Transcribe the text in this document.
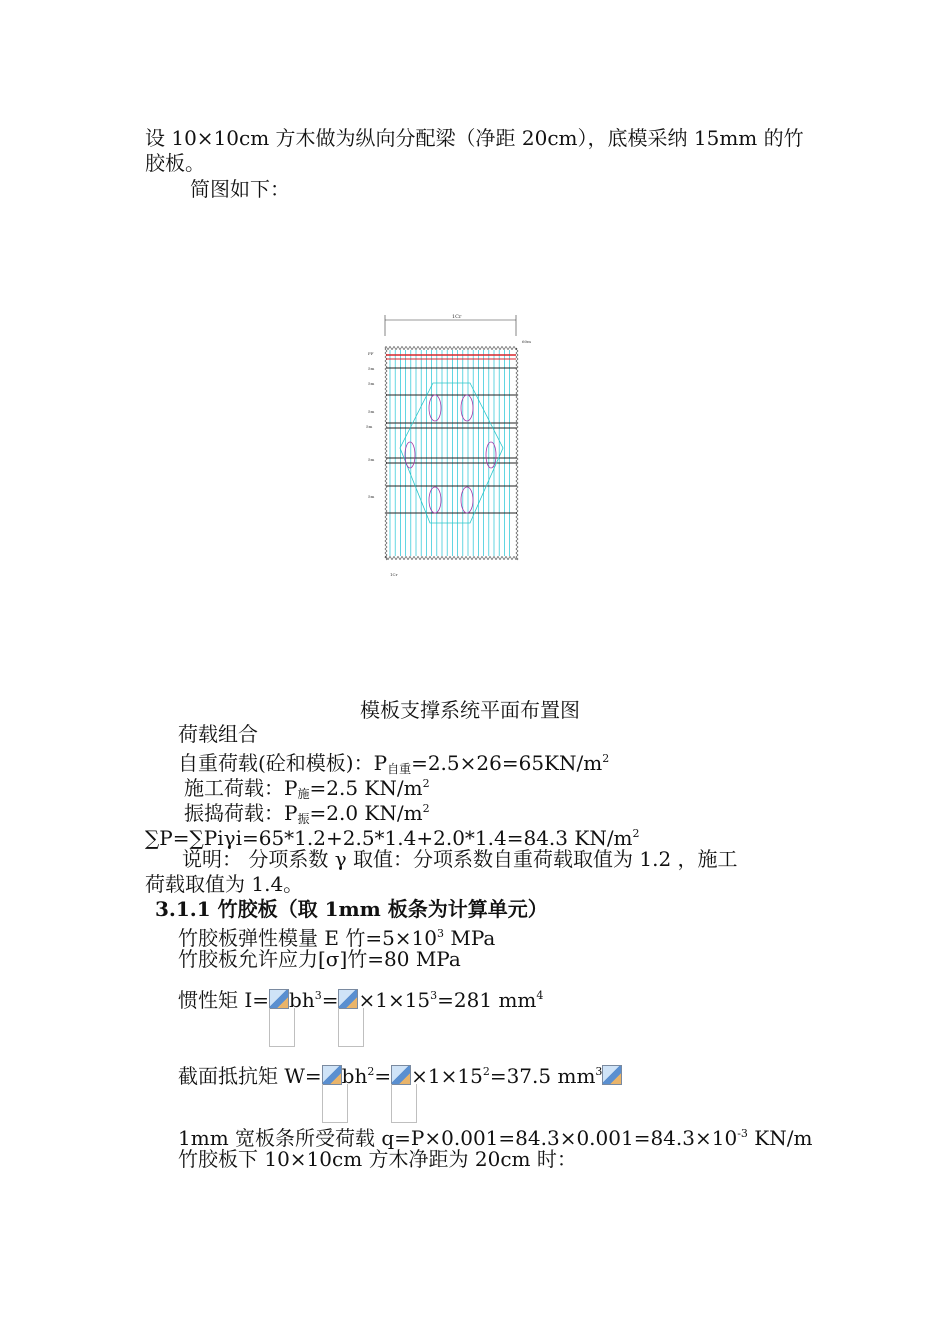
设 10×10cm 方木做为纵向分配梁（净距 20cm），底模采纳 15mm 的竹
胶板。
简图如下：
1Cr
60m
FF
5m
5m
5m
5m
5m
5m
1Cr
模板支撑系统平面布置图
荷载组合
自重荷载(砼和模板)：$P_{自重}=2.5\times 26=65KN/m^2$
施工荷载：$P_施=2.5$ $KN/m^2$
振捣荷载：$P_振=2.0$ $KN/m^2$
∑P=∑Piγi=65*1.2+2.5*1.4+2.0*1.4=84.3 $KN/m^2$
说明： 分项系数 γ 取值：分项系数自重荷载取值为 1.2 ，施工
荷载取值为 1.4。
3.1.1 竹胶板（取 1mm 板条为计算单元）
竹胶板弹性模量 E 竹$=5\times 10^3$ MPa
竹胶板允许应力[σ]竹=80 MPa
惯性矩 $I= bh^3= \times 1\times 15^3=281$ $mm^4$
截面抵抗矩 $W= bh^2= \times 1\times 15^2=37.5$ $mm^3$
1mm 宽板条所受荷载 $q=P\times 0.001=84.3\times 0.001=84.3\times 10^{-3}$ KN/m
竹胶板下 10×10cm 方木净距为 20cm 时：
